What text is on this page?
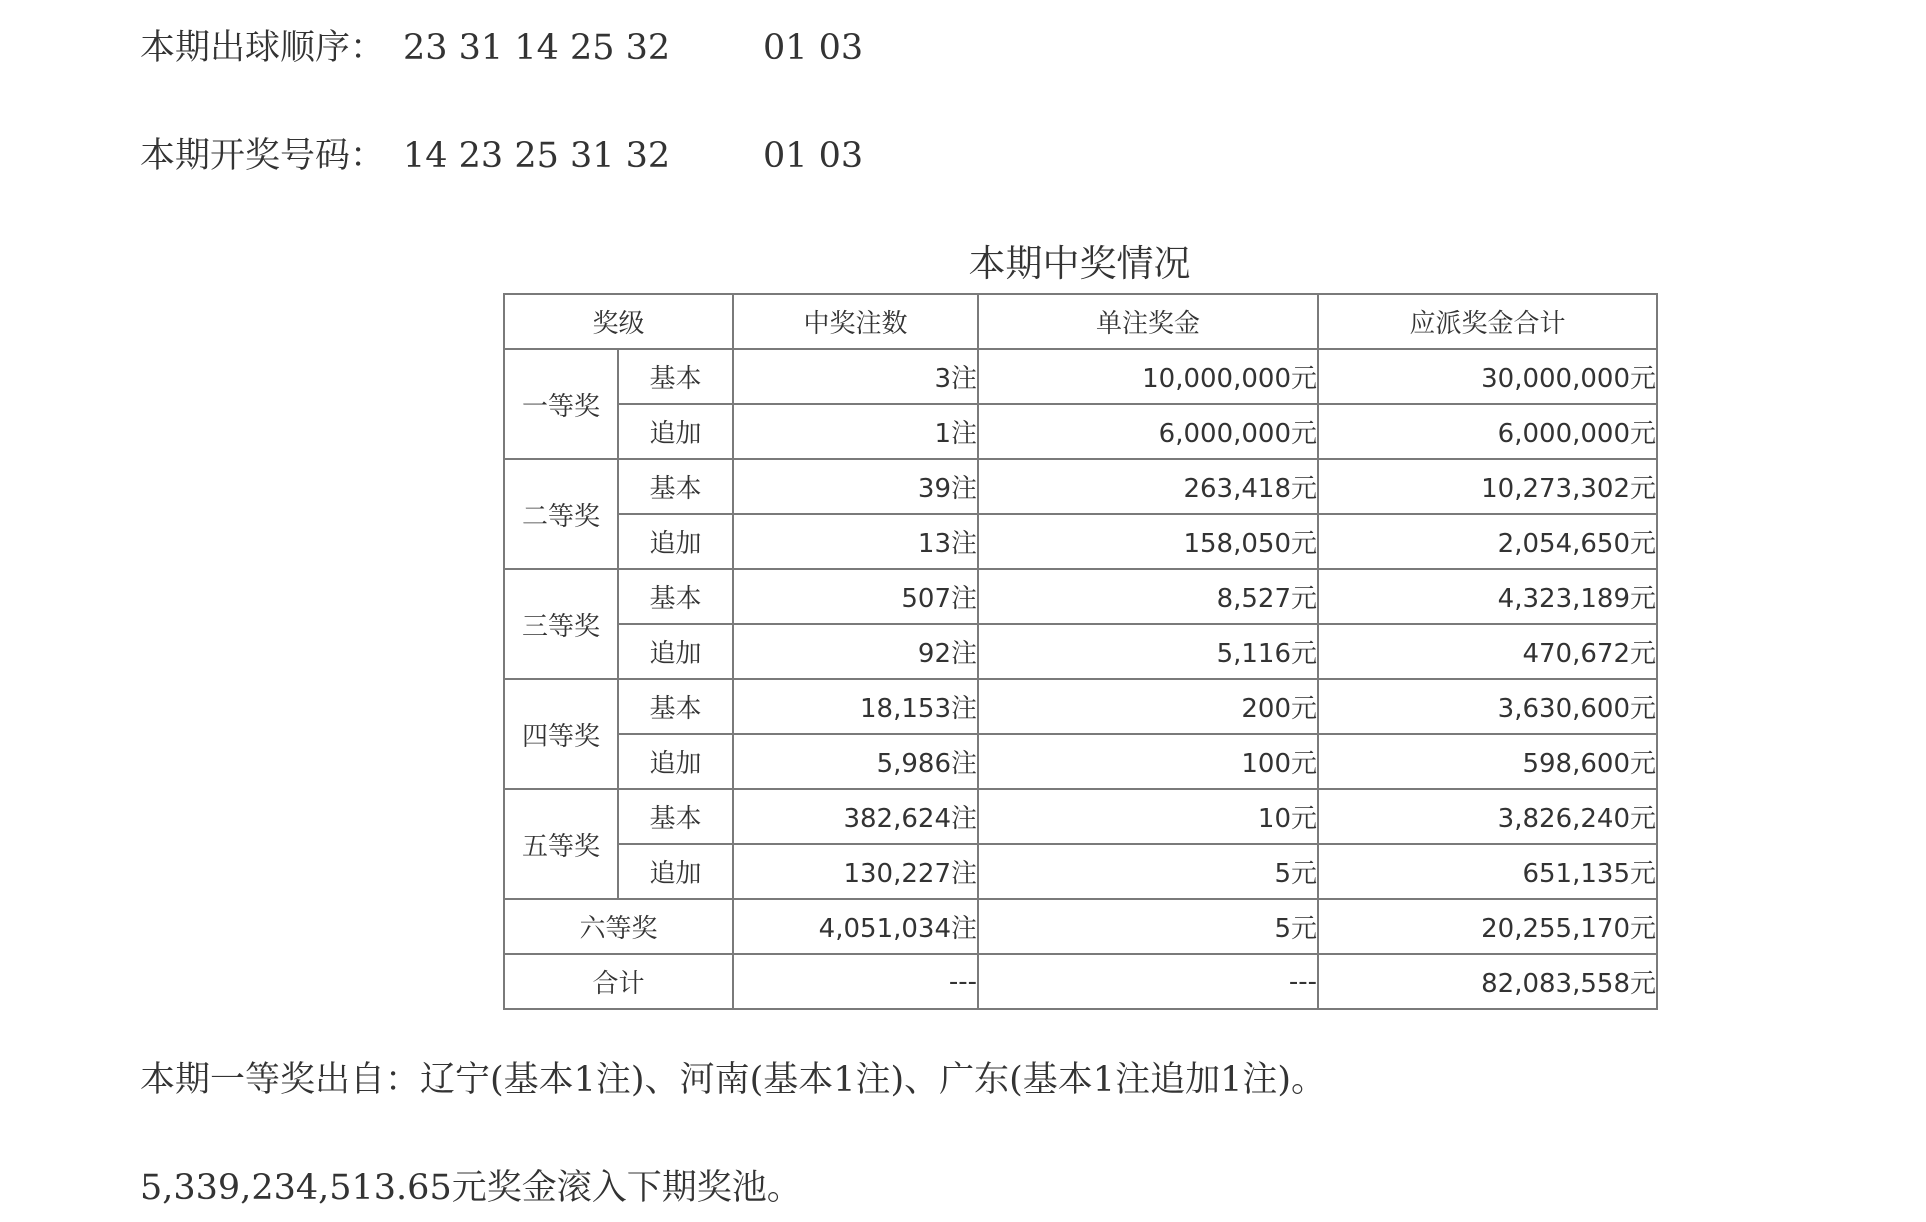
本期出球顺序： 23 31 14 25 32	01 03
本期开奖号码： 14 23 25 31 32	01 03
本期中奖情况
奖级		中奖注数	单注奖金	应派奖金合计
一等奖	基本	3注	10,000,000元	30,000,000元
	追加	1注	6,000,000元	6,000,000元
二等奖	基本	39注	263,418元	10,273,302元
	追加	13注	158,050元	2,054,650元
三等奖	基本	507注	8,527元	4,323,189元
	追加	92注	5,116元	470,672元
四等奖	基本	18,153注	200元	3,630,600元
	追加	5,986注	100元	598,600元
五等奖	基本	382,624注	10元	3,826,240元
	追加	130,227注	5元	651,135元
六等奖		4,051,034注	5元	20,255,170元
合计		---	---	82,083,558元
本期一等奖出自：辽宁(基本1注)、河南(基本1注)、广东(基本1注追加1注)。
5,339,234,513.65元奖金滚入下期奖池。
